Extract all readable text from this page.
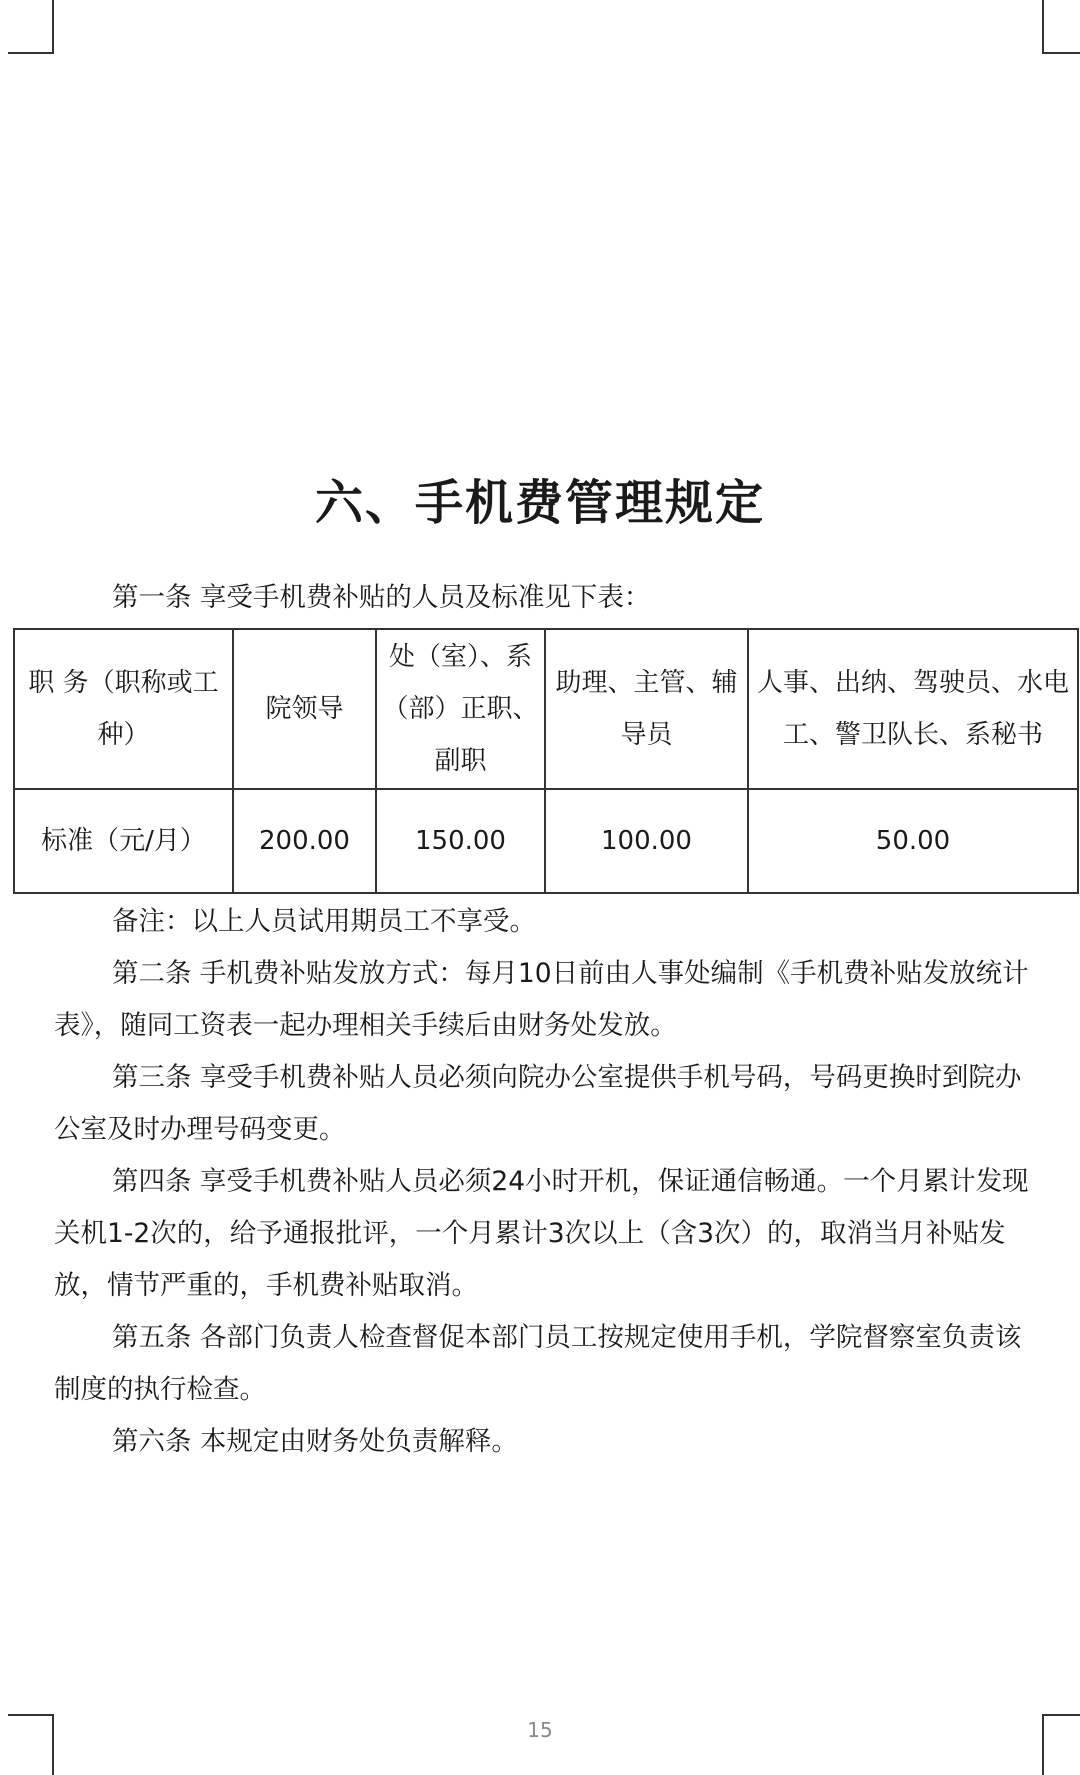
六、手机费管理规定

第一条 享受手机费补贴的人员及标准见下表：

职 务（职称或工种）	院领导	处（室）、系（部）正职、副职	助理、主管、辅导员	人事、出纳、驾驶员、水电工、警卫队长、系秘书
标准（元/月）	200.00	150.00	100.00	50.00

备注：以上人员试用期员工不享受。

第二条 手机费补贴发放方式：每月10日前由人事处编制《手机费补贴发放统计表》，随同工资表一起办理相关手续后由财务处发放。

第三条 享受手机费补贴人员必须向院办公室提供手机号码，号码更换时到院办公室及时办理号码变更。

第四条 享受手机费补贴人员必须24小时开机，保证通信畅通。一个月累计发现关机1-2次的，给予通报批评，一个月累计3次以上（含3次）的，取消当月补贴发放，情节严重的，手机费补贴取消。

第五条 各部门负责人检查督促本部门员工按规定使用手机，学院督察室负责该制度的执行检查。

第六条 本规定由财务处负责解释。

15
